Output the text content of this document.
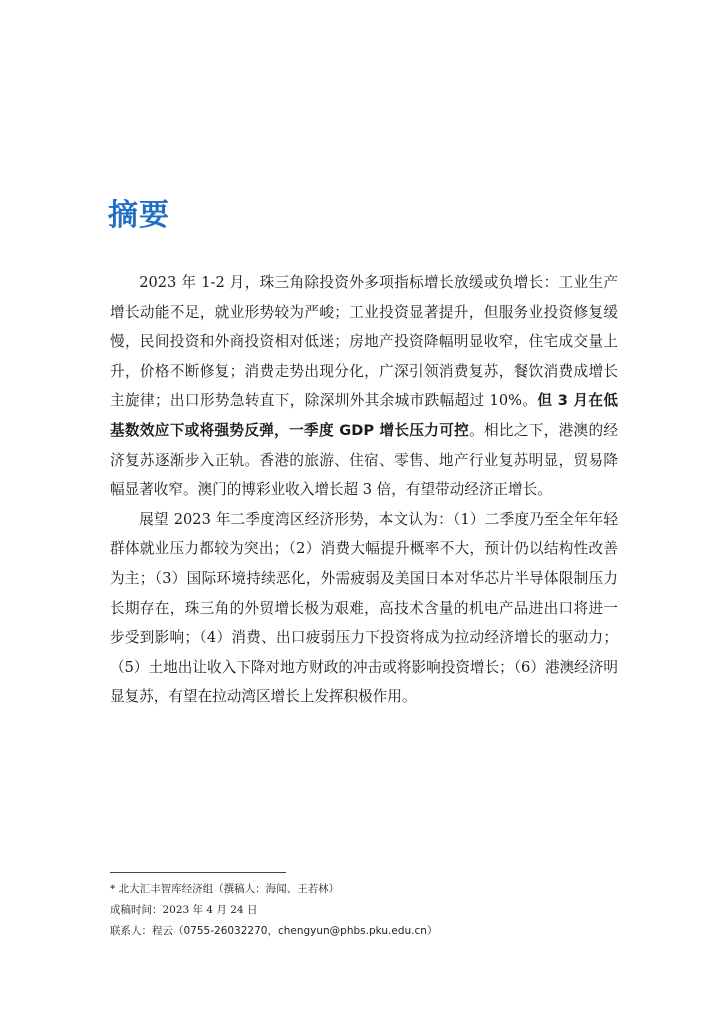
摘要

2023 年 1-2 月，珠三角除投资外多项指标增长放缓或负增长：工业生产增长动能不足，就业形势较为严峻；工业投资显著提升，但服务业投资修复缓慢，民间投资和外商投资相对低迷；房地产投资降幅明显收窄，住宅成交量上升，价格不断修复；消费走势出现分化，广深引领消费复苏，餐饮消费成增长主旋律；出口形势急转直下，除深圳外其余城市跌幅超过 10%。但 3 月在低基数效应下或将强势反弹，一季度 GDP 增长压力可控。相比之下，港澳的经济复苏逐渐步入正轨。香港的旅游、住宿、零售、地产行业复苏明显，贸易降幅显著收窄。澳门的博彩业收入增长超 3 倍，有望带动经济正增长。

展望 2023 年二季度湾区经济形势，本文认为：（1）二季度乃至全年年轻群体就业压力都较为突出；（2）消费大幅提升概率不大，预计仍以结构性改善为主；（3）国际环境持续恶化，外需疲弱及美国日本对华芯片半导体限制压力长期存在，珠三角的外贸增长极为艰难，高技术含量的机电产品进出口将进一步受到影响；（4）消费、出口疲弱压力下投资将成为拉动经济增长的驱动力；（5）土地出让收入下降对地方财政的冲击或将影响投资增长；（6）港澳经济明显复苏，有望在拉动湾区增长上发挥积极作用。

* 北大汇丰智库经济组（撰稿人：海闻、王若林）
成稿时间：2023 年 4 月 24 日
联系人：程云（0755-26032270，chengyun@phbs.pku.edu.cn）
